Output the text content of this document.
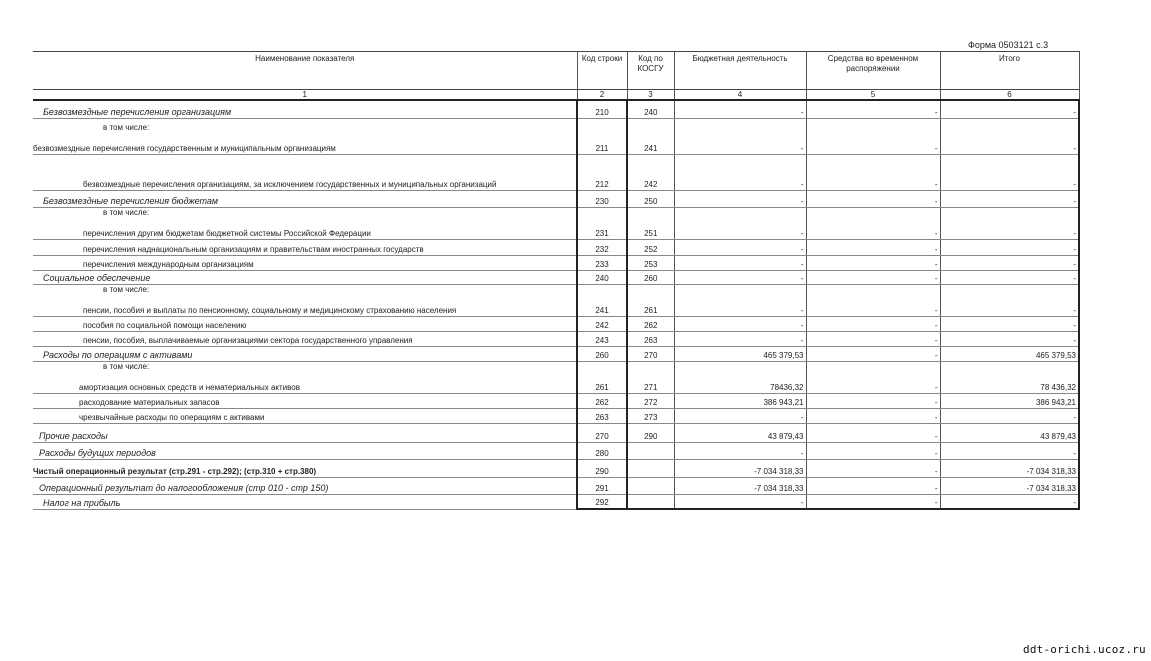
Форма 0503121 с.3
Наименование показателя	Код строки	Код по КОСГУ	Бюджетная деятельность	Средства во временном распоряжении	Итого
1	2	3	4	5	6
Безвозмездные перечисления организациям	210	240	-	-	-

в том числе:
безвозмездные перечисления государственным и муниципальным организациям	211	241	-	-	-
безвозмездные перечисления организациям, за исключением государственных и муниципальных организаций	212	242	-	-	-
Безвозмездные перечисления бюджетам	230	250	-	-	-

в том числе:
перечисления другим бюджетам бюджетной системы Российской Федерации	231	251	-	-	-
перечисления наднациональным организациям и правительствам иностранных государств	232	252	-	-	-
перечисления международным организациям	233	253	-	-	-
Социальное обеспечение	240	260	-	-	-

в том числе:
пенсии, пособия и выплаты по пенсионному, социальному и медицинскому страхованию населения	241	261	-	-	-
пособия по социальной помощи населению	242	262	-	-	-
пенсии, пособия, выплачиваемые организациями сектора государственного управления	243	263	-	-	-
Расходы по операциям с активами	260	270	465 379,53	-	465 379,53

в том числе:
амортизация основных средств и нематериальных активов	261	271	78436,32	-	78 436,32
расходование материальных запасов	262	272	386 943,21	-	386 943,21
чрезвычайные расходы по операциям с активами	263	273	-	-	-
Прочие расходы	270	290	43 879,43	-	43 879,43
Расходы будущих периодов	280		-	-	-
Чистый операционный результат (стр.291 - стр.292); (стр.310 + стр.380)	290		-7 034 318,33	-	-7 034 318,33
Операционный результат до налогообложения (стр 010 - стр 150)	291		-7 034 318,33	-	-7 034 318,33
Налог на прибыль	292		-	-	-
ddt-orichi.ucoz.ru
